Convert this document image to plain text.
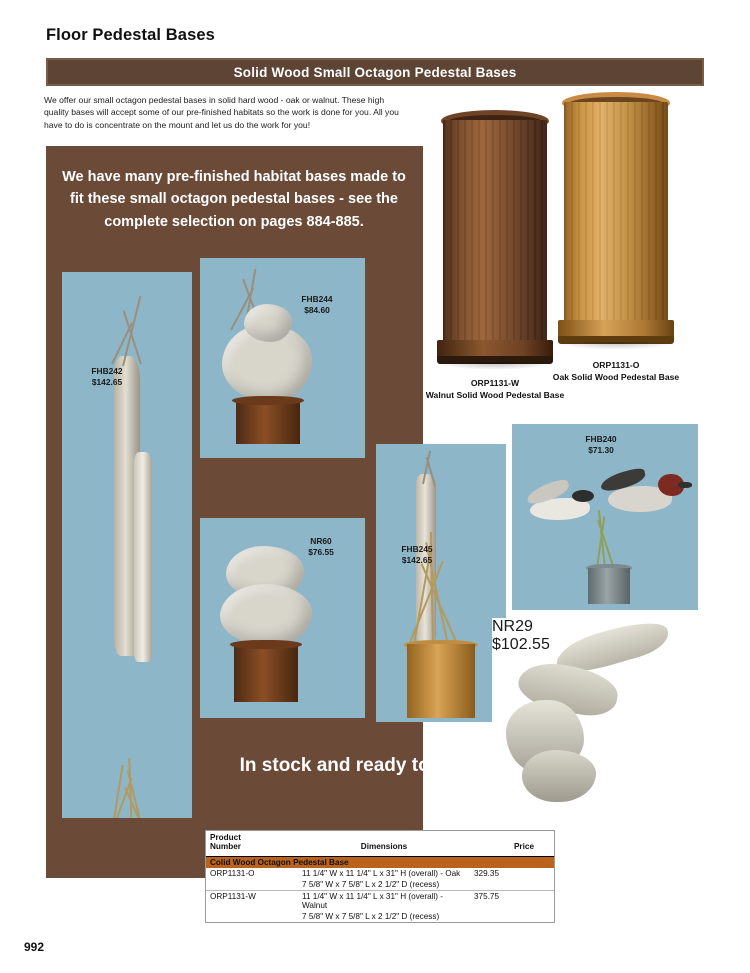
Floor Pedestal Bases
Solid Wood Small Octagon Pedestal Bases
We offer our small octagon pedestal bases in solid hard wood - oak or walnut. These high quality bases will accept some of our pre-finished habitats so the work is done for you. All you have to do is concentrate on the mount and let us do the work for you!
We have many pre-finished habitat bases made to fit these small octagon pedestal bases - see the complete selection on pages 884-885.
In stock and ready to ship!
ORP1131-W
Walnut Solid Wood Pedestal Base
ORP1131-O
Oak Solid Wood Pedestal Base
FHB242
$142.65
FHB244
$84.60
NR60
$76.55	FHB245
$142.65
FHB240
$71.30
NR29
$102.55
Product
Number	Dimensions	Price

Colid Wood Octagon Pedestal Base		
ORP1131-O	11 1/4" W x 11 1/4" L x 31" H (overall) - Oak	329.35
	7 5/8" W x 7 5/8" L x 2 1/2" D (recess)	
ORP1131-W	11 1/4" W x 11 1/4" L x 31" H (overall) - Walnut	375.75
	7 5/8" W x 7 5/8" L x 2 1/2" D (recess)	
992
